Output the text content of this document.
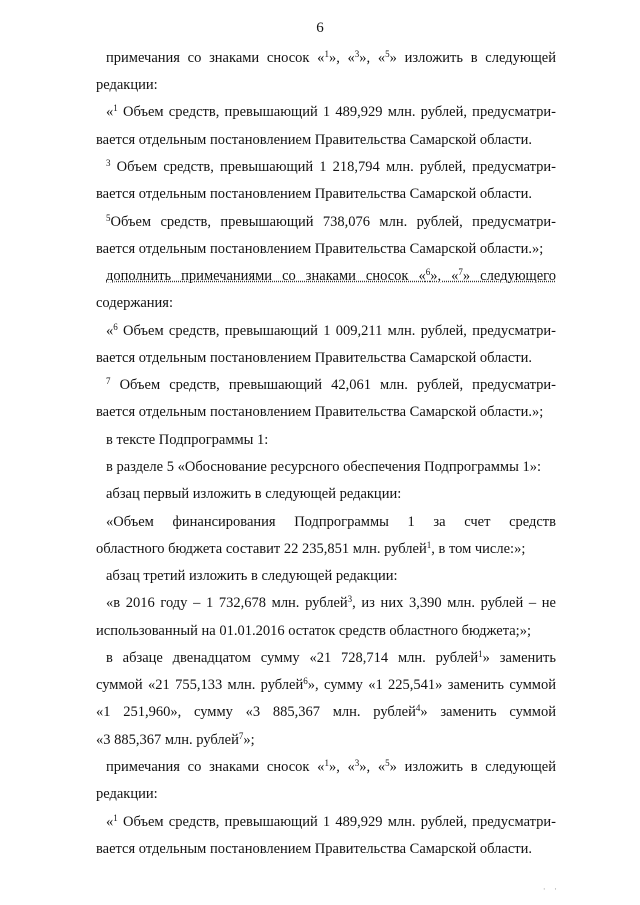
6
примечания со знаками сносок «$^1$», «$^3$», «$^5$» изложить в следующей
редакции:
«$^1$ Объем средств, превышающий 1 489,929 млн. рублей, предусматри-
вается отдельным постановлением Правительства Самарской области.
$^3$ Объем средств, превышающий 1 218,794 млн. рублей, предусматри-
вается отдельным постановлением Правительства Самарской области.
$^5$Объем средств, превышающий 738,076 млн. рублей, предусматри-
вается отдельным постановлением Правительства Самарской области.»;
дополнить примечаниями со знаками сносок «$^6$», «$^7$» следующего
содержания:
«$^6$ Объем средств, превышающий 1 009,211 млн. рублей, предусматри-
вается отдельным постановлением Правительства Самарской области.
$^7$ Объем средств, превышающий 42,061 млн. рублей, предусматри-
вается отдельным постановлением Правительства Самарской области.»;
в тексте Подпрограммы 1:
в разделе 5 «Обоснование ресурсного обеспечения Подпрограммы 1»:
абзац первый изложить в следующей редакции:
«Объем финансирования Подпрограммы 1 за счет средств
областного бюджета составит 22 235,851 млн. рублей$^1$, в том числе:»;
абзац третий изложить в следующей редакции:
«в 2016 году – 1 732,678 млн. рублей$^3$, из них 3,390 млн. рублей – не
использованный на 01.01.2016 остаток средств областного бюджета;»;
в абзаце двенадцатом сумму «21 728,714 млн. рублей$^1$» заменить
суммой «21 755,133 млн. рублей$^6$», сумму «1 225,541» заменить суммой
«1 251,960», сумму «3 885,367 млн. рублей$^4$» заменить суммой
«3 885,367 млн. рублей$^7$»;
примечания со знаками сносок «$^1$», «$^3$», «$^5$» изложить в следующей
редакции:
«$^1$ Объем средств, превышающий 1 489,929 млн. рублей, предусматри-
вается отдельным постановлением Правительства Самарской области.
· ·
